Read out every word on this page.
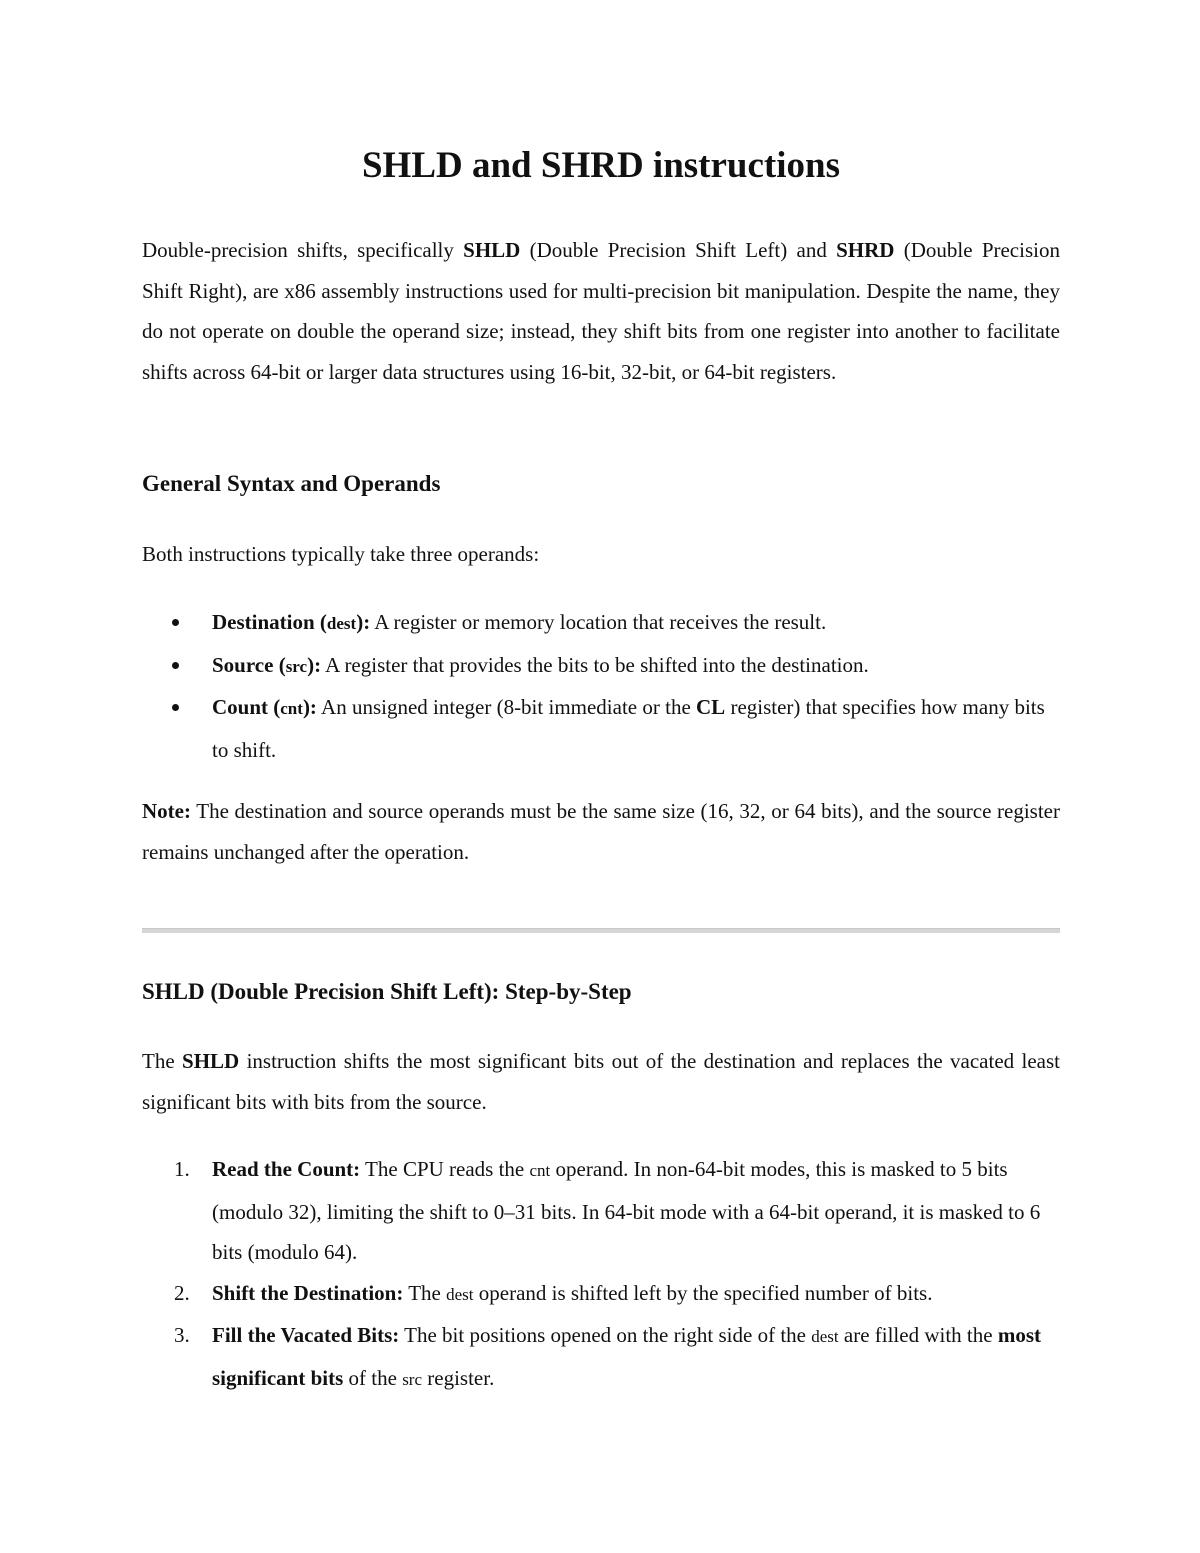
SHLD and SHRD instructions

Double-precision shifts, specifically SHLD (Double Precision Shift Left) and SHRD (Double Precision Shift Right), are x86 assembly instructions used for multi-precision bit manipulation. Despite the name, they do not operate on double the operand size; instead, they shift bits from one register into another to facilitate shifts across 64-bit or larger data structures using 16-bit, 32-bit, or 64-bit registers.

General Syntax and Operands

Both instructions typically take three operands:

Destination (dest): A register or memory location that receives the result.
Source (src): A register that provides the bits to be shifted into the destination.
Count (cnt): An unsigned integer (8-bit immediate or the CL register) that specifies how many bits to shift.

Note: The destination and source operands must be the same size (16, 32, or 64 bits), and the source register remains unchanged after the operation.

SHLD (Double Precision Shift Left): Step-by-Step

The SHLD instruction shifts the most significant bits out of the destination and replaces the vacated least significant bits with bits from the source.

1. Read the Count: The CPU reads the cnt operand. In non-64-bit modes, this is masked to 5 bits (modulo 32), limiting the shift to 0–31 bits. In 64-bit mode with a 64-bit operand, it is masked to 6 bits (modulo 64).
2. Shift the Destination: The dest operand is shifted left by the specified number of bits.
3. Fill the Vacated Bits: The bit positions opened on the right side of the dest are filled with the most significant bits of the src register.
